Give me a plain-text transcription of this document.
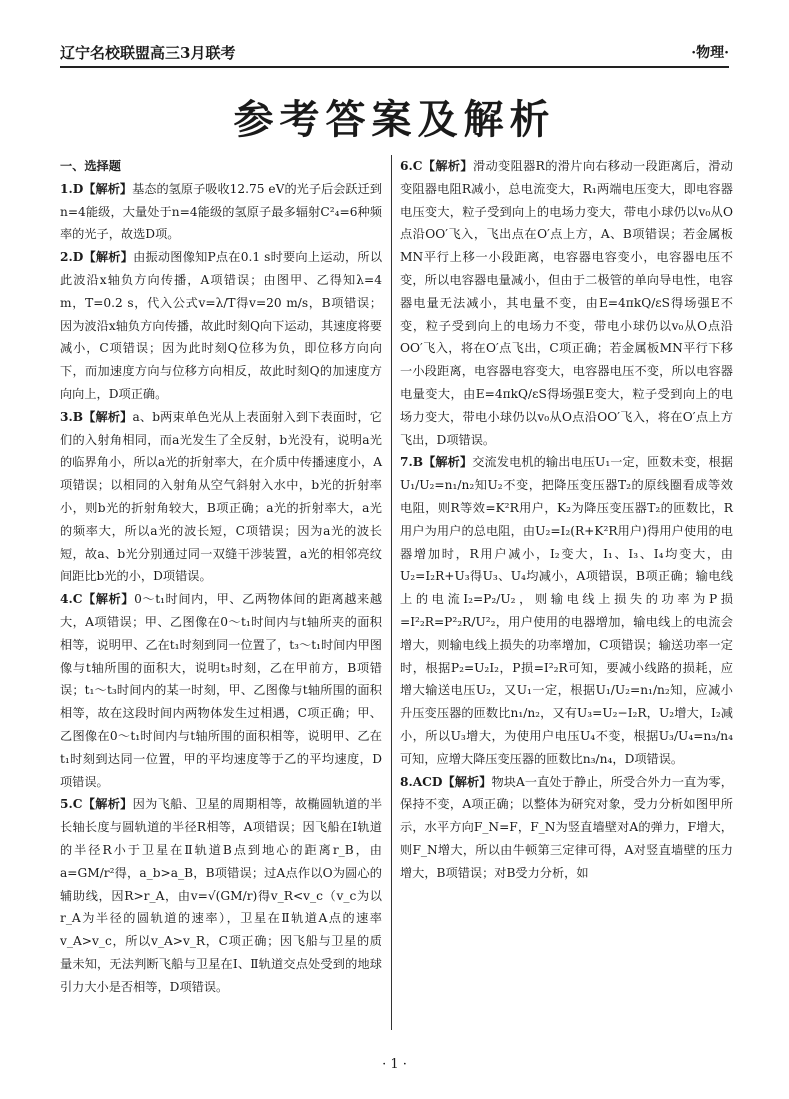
辽宁名校联盟高三3月联考	·物理·
参考答案及解析
一、选择题

1.D【解析】基态的氢原子吸收12.75 eV的光子后会跃迁到n=4能级，大量处于n=4能级的氢原子最多辐射C²₄=6种频率的光子，故选D项。

2.D【解析】由振动图像知P点在0.1 s时要向上运动，所以此波沿x轴负方向传播，A项错误；由图甲、乙得知λ=4 m，T=0.2 s，代入公式v=λ/T得v=20 m/s，B项错误；因为波沿x轴负方向传播，故此时刻Q向下运动，其速度将要减小，C项错误；因为此时刻Q位移为负，即位移方向向下，而加速度方向与位移方向相反，故此时刻Q的加速度方向向上，D项正确。

3.B【解析】a、b两束单色光从上表面射入到下表面时，它们的入射角相同，而a光发生了全反射，b光没有，说明a光的临界角小，所以a光的折射率大，在介质中传播速度小，A项错误；以相同的入射角从空气斜射入水中，b光的折射率小，则b光的折射角较大，B项正确；a光的折射率大，a光的频率大，所以a光的波长短，C项错误；因为a光的波长短，故a、b光分别通过同一双缝干涉装置，a光的相邻亮纹间距比b光的小，D项错误。

4.C【解析】0～t₁时间内，甲、乙两物体间的距离越来越大，A项错误；甲、乙图像在0～t₁时间内与t轴所夹的面积相等，说明甲、乙在t₁时刻到同一位置了，t₃～t₁时间内甲图像与t轴所围的面积大，说明t₃时刻，乙在甲前方，B项错误；t₁～t₃时间内的某一时刻，甲、乙图像与t轴所围的面积相等，故在这段时间内两物体发生过相遇，C项正确；甲、乙图像在0～t₁时间内与t轴所围的面积相等，说明甲、乙在t₁时刻到达同一位置，甲的平均速度等于乙的平均速度，D项错误。

5.C【解析】因为飞船、卫星的周期相等，故椭圆轨道的半长轴长度与圆轨道的半径R相等，A项错误；因飞船在Ⅰ轨道的半径R小于卫星在Ⅱ轨道B点到地心的距离r_B，由a=GM/r²得，a_b>a_B，B项错误；过A点作以O为圆心的辅助线，因R>r_A，由v=√(GM/r)得v_R<v_c（v_c为以r_A为半径的圆轨道的速率），卫星在Ⅱ轨道A点的速率v_A>v_c，所以v_A>v_R，C项正确；因飞船与卫星的质量未知，无法判断飞船与卫星在Ⅰ、Ⅱ轨道交点处受到的地球引力大小是否相等，D项错误。

6.C【解析】滑动变阻器R的滑片向右移动一段距离后，滑动变阻器电阻R减小，总电流变大，R₁两端电压变大，即电容器电压变大，粒子受到向上的电场力变大，带电小球仍以v₀从O点沿OO′飞入，飞出点在O′点上方，A、B项错误；若金属板MN平行上移一小段距离，电容器电容变小，电容器电压不变，所以电容器电量减小，但由于二极管的单向导电性，电容器电量无法减小，其电量不变，由E=4πkQ/εS得场强E不变，粒子受到向上的电场力不变，带电小球仍以v₀从O点沿OO′飞入，将在O′点飞出，C项正确；若金属板MN平行下移一小段距离，电容器电容变大，电容器电压不变，所以电容器电量变大，由E=4πkQ/εS得场强E变大，粒子受到向上的电场力变大，带电小球仍以v₀从O点沿OO′飞入，将在O′点上方飞出，D项错误。

7.B【解析】交流发电机的输出电压U₁一定，匝数未变，根据U₁/U₂=n₁/n₂知U₂不变，把降压变压器T₂的原线圈看成等效电阻，则R等效=K²R用户，K₂为降压变压器T₂的匝数比，R用户为用户的总电阻，由U₂=I₂(R+K²R用户)得用户使用的电器增加时，R用户减小，I₂变大，I₁、I₃、I₄均变大，由U₂=I₂R+U₃得U₃、U₄均减小，A项错误，B项正确；输电线上的电流I₂=P₂/U₂，则输电线上损失的功率为P损=I²₂R=P²₂R/U²₂，用户使用的电器增加，输电线上的电流会增大，则输电线上损失的功率增加，C项错误；输送功率一定时，根据P₂=U₂I₂，P损=I²₂R可知，要减小线路的损耗，应增大输送电压U₂，又U₁一定，根据U₁/U₂=n₁/n₂知，应减小升压变压器的匝数比n₁/n₂，又有U₃=U₂−I₂R，U₂增大，I₂减小，所以U₃增大，为使用户电压U₄不变，根据U₃/U₄=n₃/n₄可知，应增大降压变压器的匝数比n₃/n₄，D项错误。

8.ACD【解析】物块A一直处于静止，所受合外力一直为零，保持不变，A项正确；以整体为研究对象，受力分析如图甲所示，水平方向F_N=F，F_N为竖直墙壁对A的弹力，F增大，则F_N增大，所以由牛顿第三定律可得，A对竖直墙壁的压力增大，B项错误；对B受力分析，如

· 1 ·
